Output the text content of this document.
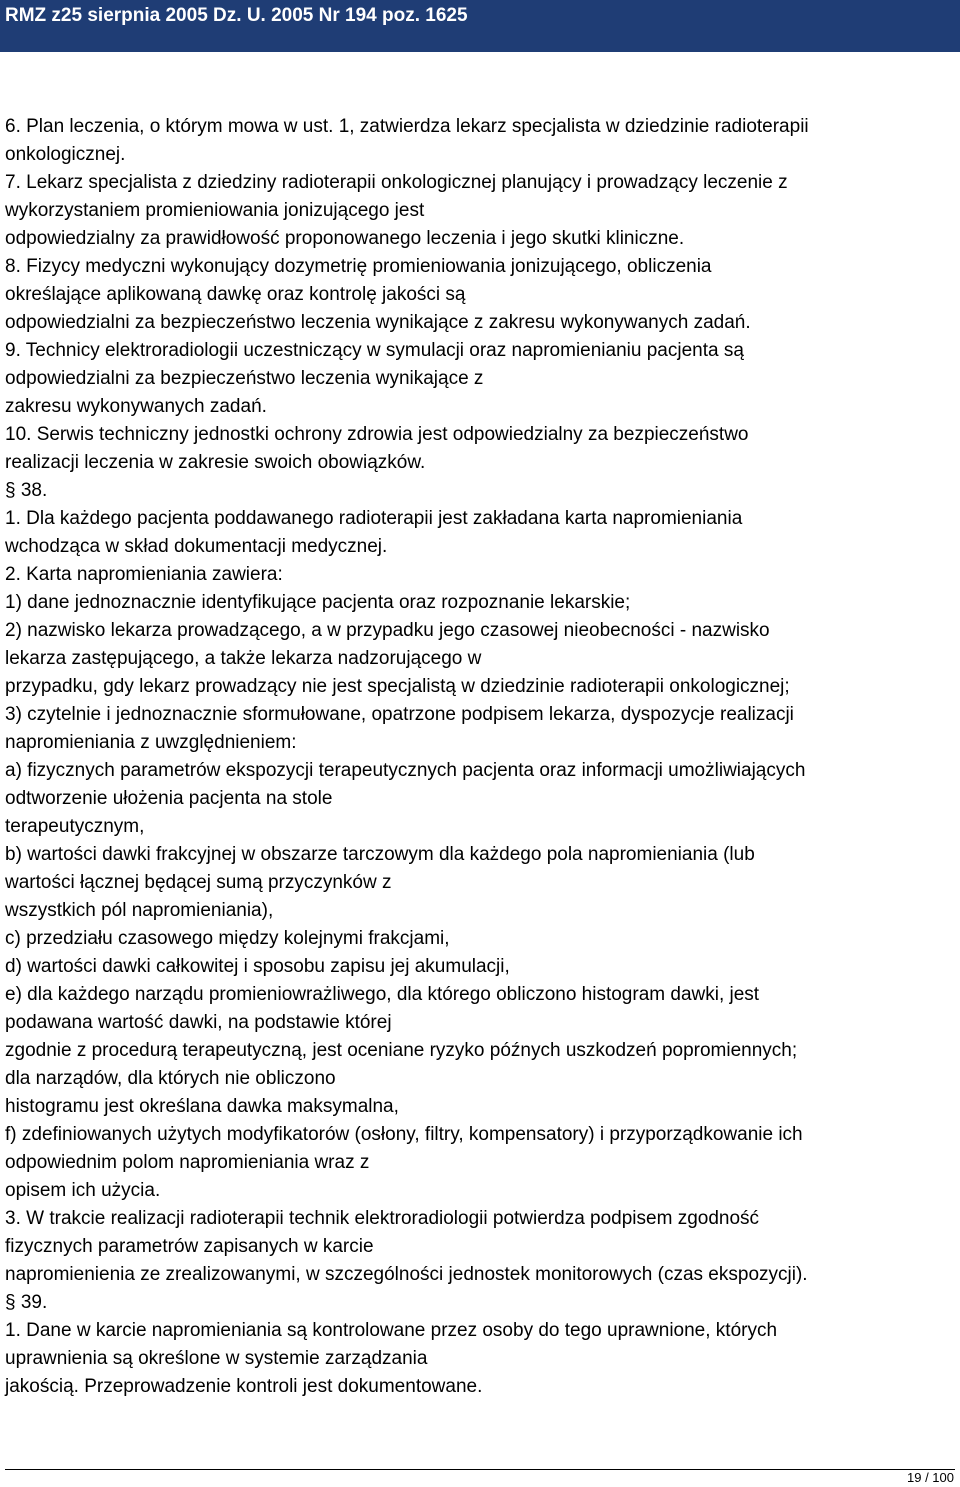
RMZ z25 sierpnia 2005 Dz. U. 2005 Nr 194 poz. 1625
6. Plan leczenia, o którym mowa w ust. 1, zatwierdza lekarz specjalista w dziedzinie radioterapii
onkologicznej.
7. Lekarz specjalista z dziedziny radioterapii onkologicznej planujący i prowadzący leczenie z
wykorzystaniem promieniowania jonizującego jest
odpowiedzialny za prawidłowość proponowanego leczenia i jego skutki kliniczne.
8. Fizycy medyczni wykonujący dozymetrię promieniowania jonizującego, obliczenia
określające aplikowaną dawkę oraz kontrolę jakości są
odpowiedzialni za bezpieczeństwo leczenia wynikające z zakresu wykonywanych zadań.
9. Technicy elektroradiologii uczestniczący w symulacji oraz napromienianiu pacjenta są
odpowiedzialni za bezpieczeństwo leczenia wynikające z
zakresu wykonywanych zadań.
10. Serwis techniczny jednostki ochrony zdrowia jest odpowiedzialny za bezpieczeństwo
realizacji leczenia w zakresie swoich obowiązków.
§ 38.
1. Dla każdego pacjenta poddawanego radioterapii jest zakładana karta napromieniania
wchodząca w skład dokumentacji medycznej.
2. Karta napromieniania zawiera:
1) dane jednoznacznie identyfikujące pacjenta oraz rozpoznanie lekarskie;
2) nazwisko lekarza prowadzącego, a w przypadku jego czasowej nieobecności - nazwisko
lekarza zastępującego, a także lekarza nadzorującego w
przypadku, gdy lekarz prowadzący nie jest specjalistą w dziedzinie radioterapii onkologicznej;
3) czytelnie i jednoznacznie sformułowane, opatrzone podpisem lekarza, dyspozycje realizacji
napromieniania z uwzględnieniem:
a) fizycznych parametrów ekspozycji terapeutycznych pacjenta oraz informacji umożliwiających
odtworzenie ułożenia pacjenta na stole
terapeutycznym,
b) wartości dawki frakcyjnej w obszarze tarczowym dla każdego pola napromieniania (lub
wartości łącznej będącej sumą przyczynków z
wszystkich pól napromieniania),
c) przedziału czasowego między kolejnymi frakcjami,
d) wartości dawki całkowitej i sposobu zapisu jej akumulacji,
e) dla każdego narządu promieniowrażliwego, dla którego obliczono histogram dawki, jest
podawana wartość dawki, na podstawie której
zgodnie z procedurą terapeutyczną, jest oceniane ryzyko późnych uszkodzeń popromiennych;
dla narządów, dla których nie obliczono
histogramu jest określana dawka maksymalna,
f) zdefiniowanych użytych modyfikatorów (osłony, filtry, kompensatory) i przyporządkowanie ich
odpowiednim polom napromieniania wraz z
opisem ich użycia.
3. W trakcie realizacji radioterapii technik elektroradiologii potwierdza podpisem zgodność
fizycznych parametrów zapisanych w karcie
napromienienia ze zrealizowanymi, w szczególności jednostek monitorowych (czas ekspozycji).
§ 39.
1. Dane w karcie napromieniania są kontrolowane przez osoby do tego uprawnione, których
uprawnienia są określone w systemie zarządzania
jakością. Przeprowadzenie kontroli jest dokumentowane.
19 / 100
